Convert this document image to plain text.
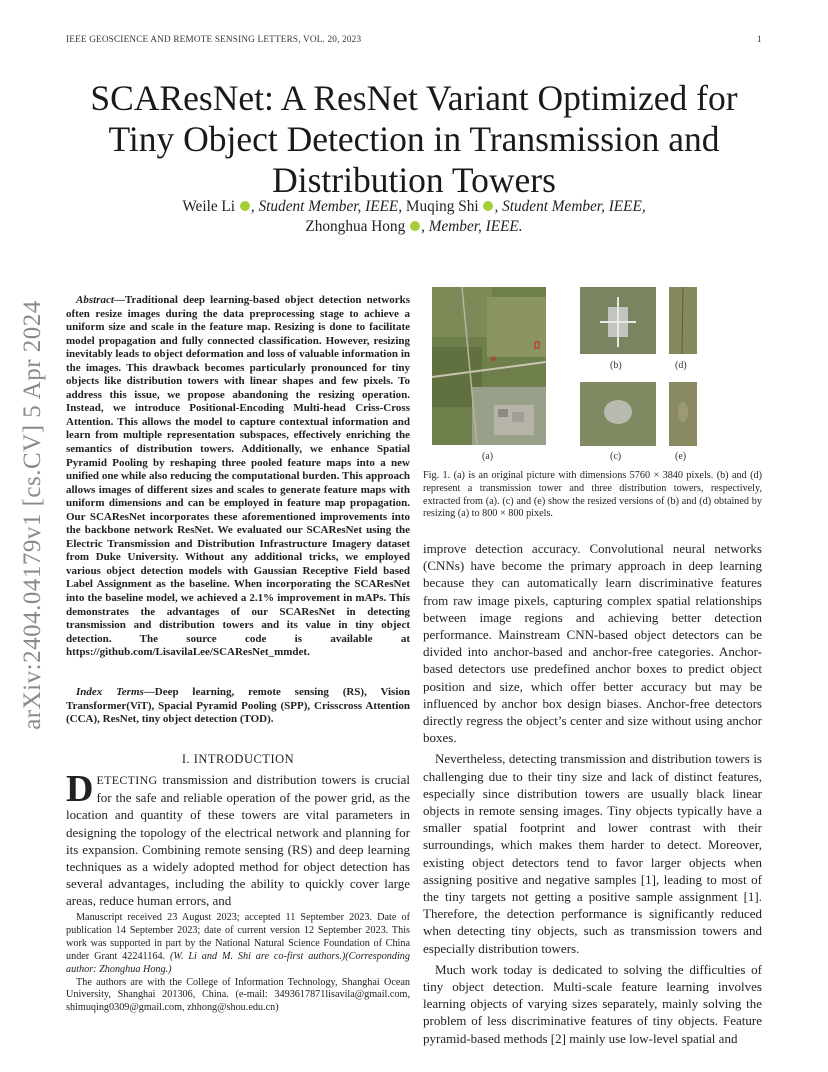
IEEE GEOSCIENCE AND REMOTE SENSING LETTERS, VOL. 20, 2023	1
arXiv:2404.04179v1 [cs.CV] 5 Apr 2024
SCAResNet: A ResNet Variant Optimized for Tiny Object Detection in Transmission and Distribution Towers
Weile Li , Student Member, IEEE, Muqing Shi , Student Member, IEEE,
Zhonghua Hong , Member, IEEE.
Abstract—Traditional deep learning-based object detection networks often resize images during the data preprocessing stage to achieve a uniform size and scale in the feature map. Resizing is done to facilitate model propagation and fully connected classification. However, resizing inevitably leads to object deformation and loss of valuable information in the images. This drawback becomes particularly pronounced for tiny objects like distribution towers with linear shapes and few pixels. To address this issue, we propose abandoning the resizing operation. Instead, we introduce Positional-Encoding Multi-head Criss-Cross Attention. This allows the model to capture contextual information and learn from multiple representation subspaces, effectively enriching the semantics of distribution towers. Additionally, we enhance Spatial Pyramid Pooling by reshaping three pooled feature maps into a new unified one while also reducing the computational burden. This approach allows images of different sizes and scales to generate feature maps with uniform dimensions and can be employed in feature map propagation. Our SCAResNet incorporates these aforementioned improvements into the backbone network ResNet. We evaluated our SCAResNet using the Electric Transmission and Distribution Infrastructure Imagery dataset from Duke University. Without any additional tricks, we employed various object detection models with Gaussian Receptive Field based Label Assignment as the baseline. When incorporating the SCAResNet into the baseline model, we achieved a 2.1% improvement in mAPs. This demonstrates the advantages of our SCAResNet in detecting transmission and distribution towers and its value in tiny object detection. The source code is available at https://github.com/LisavilaLee/SCAResNet_mmdet.
Index Terms—Deep learning, remote sensing (RS), Vision Transformer(ViT), Spacial Pyramid Pooling (SPP), Crisscross Attention (CCA), ResNet, tiny object detection (TOD).
I. INTRODUCTION
DETECTING transmission and distribution towers is crucial for the safe and reliable operation of the power grid, as the location and quantity of these towers are vital parameters in designing the topology of the electrical network and planning for its expansion. Combining remote sensing (RS) and deep learning techniques as a widely adopted method for object detection has several advantages, including the ability to quickly cover large areas, reduce human errors, and

Manuscript received 23 August 2023; accepted 11 September 2023. Date of publication 14 September 2023; date of current version 12 September 2023. This work was supported in part by the National Natural Science Foundation of China under Grant 42241164. (W. Li and M. Shi are co-first authors.)(Corresponding author: Zhonghua Hong.)

The authors are with the College of Information Technology, Shanghai Ocean University, Shanghai 201306, China. (e-mail: 3493617871lisavila@gmail.com, shimuqing0309@gmail.com, zhhong@shou.edu.cn)

(a)
(b)	(d)
(c)	(e)
Fig. 1. (a) is an original picture with dimensions 5760 × 3840 pixels. (b) and (d) represent a transmission tower and three distribution towers, respectively, extracted from (a). (c) and (e) show the resized versions of (b) and (d) obtained by resizing (a) to 800 × 800 pixels.

improve detection accuracy. Convolutional neural networks (CNNs) have become the primary approach in deep learning because they can automatically learn discriminative features from raw image pixels, capturing complex spatial relationships between image regions and achieving better detection performance. Mainstream CNN-based object detectors can be divided into anchor-based and anchor-free categories. Anchor-based detectors use predefined anchor boxes to predict object position and size, which offer better accuracy but may be influenced by anchor box design biases. Anchor-free detectors directly regress the object’s center and size without using anchor boxes.

Nevertheless, detecting transmission and distribution towers is challenging due to their tiny size and lack of distinct features, especially since distribution towers are usually black linear objects in remote sensing images. Tiny objects typically have a smaller spatial footprint and lower contrast with their surroundings, which makes them harder to detect. Moreover, existing object detectors tend to favor larger objects when assigning positive and negative samples [1], leading to most of the tiny targets not getting a positive sample assignment [1]. Therefore, the detection performance is significantly reduced when detecting tiny objects, such as transmission towers and especially distribution towers.

Much work today is dedicated to solving the difficulties of tiny object detection. Multi-scale feature learning involves learning objects of varying sizes separately, mainly solving the problem of less discriminative features of tiny objects. Feature pyramid-based methods [2] mainly use low-level spatial and
